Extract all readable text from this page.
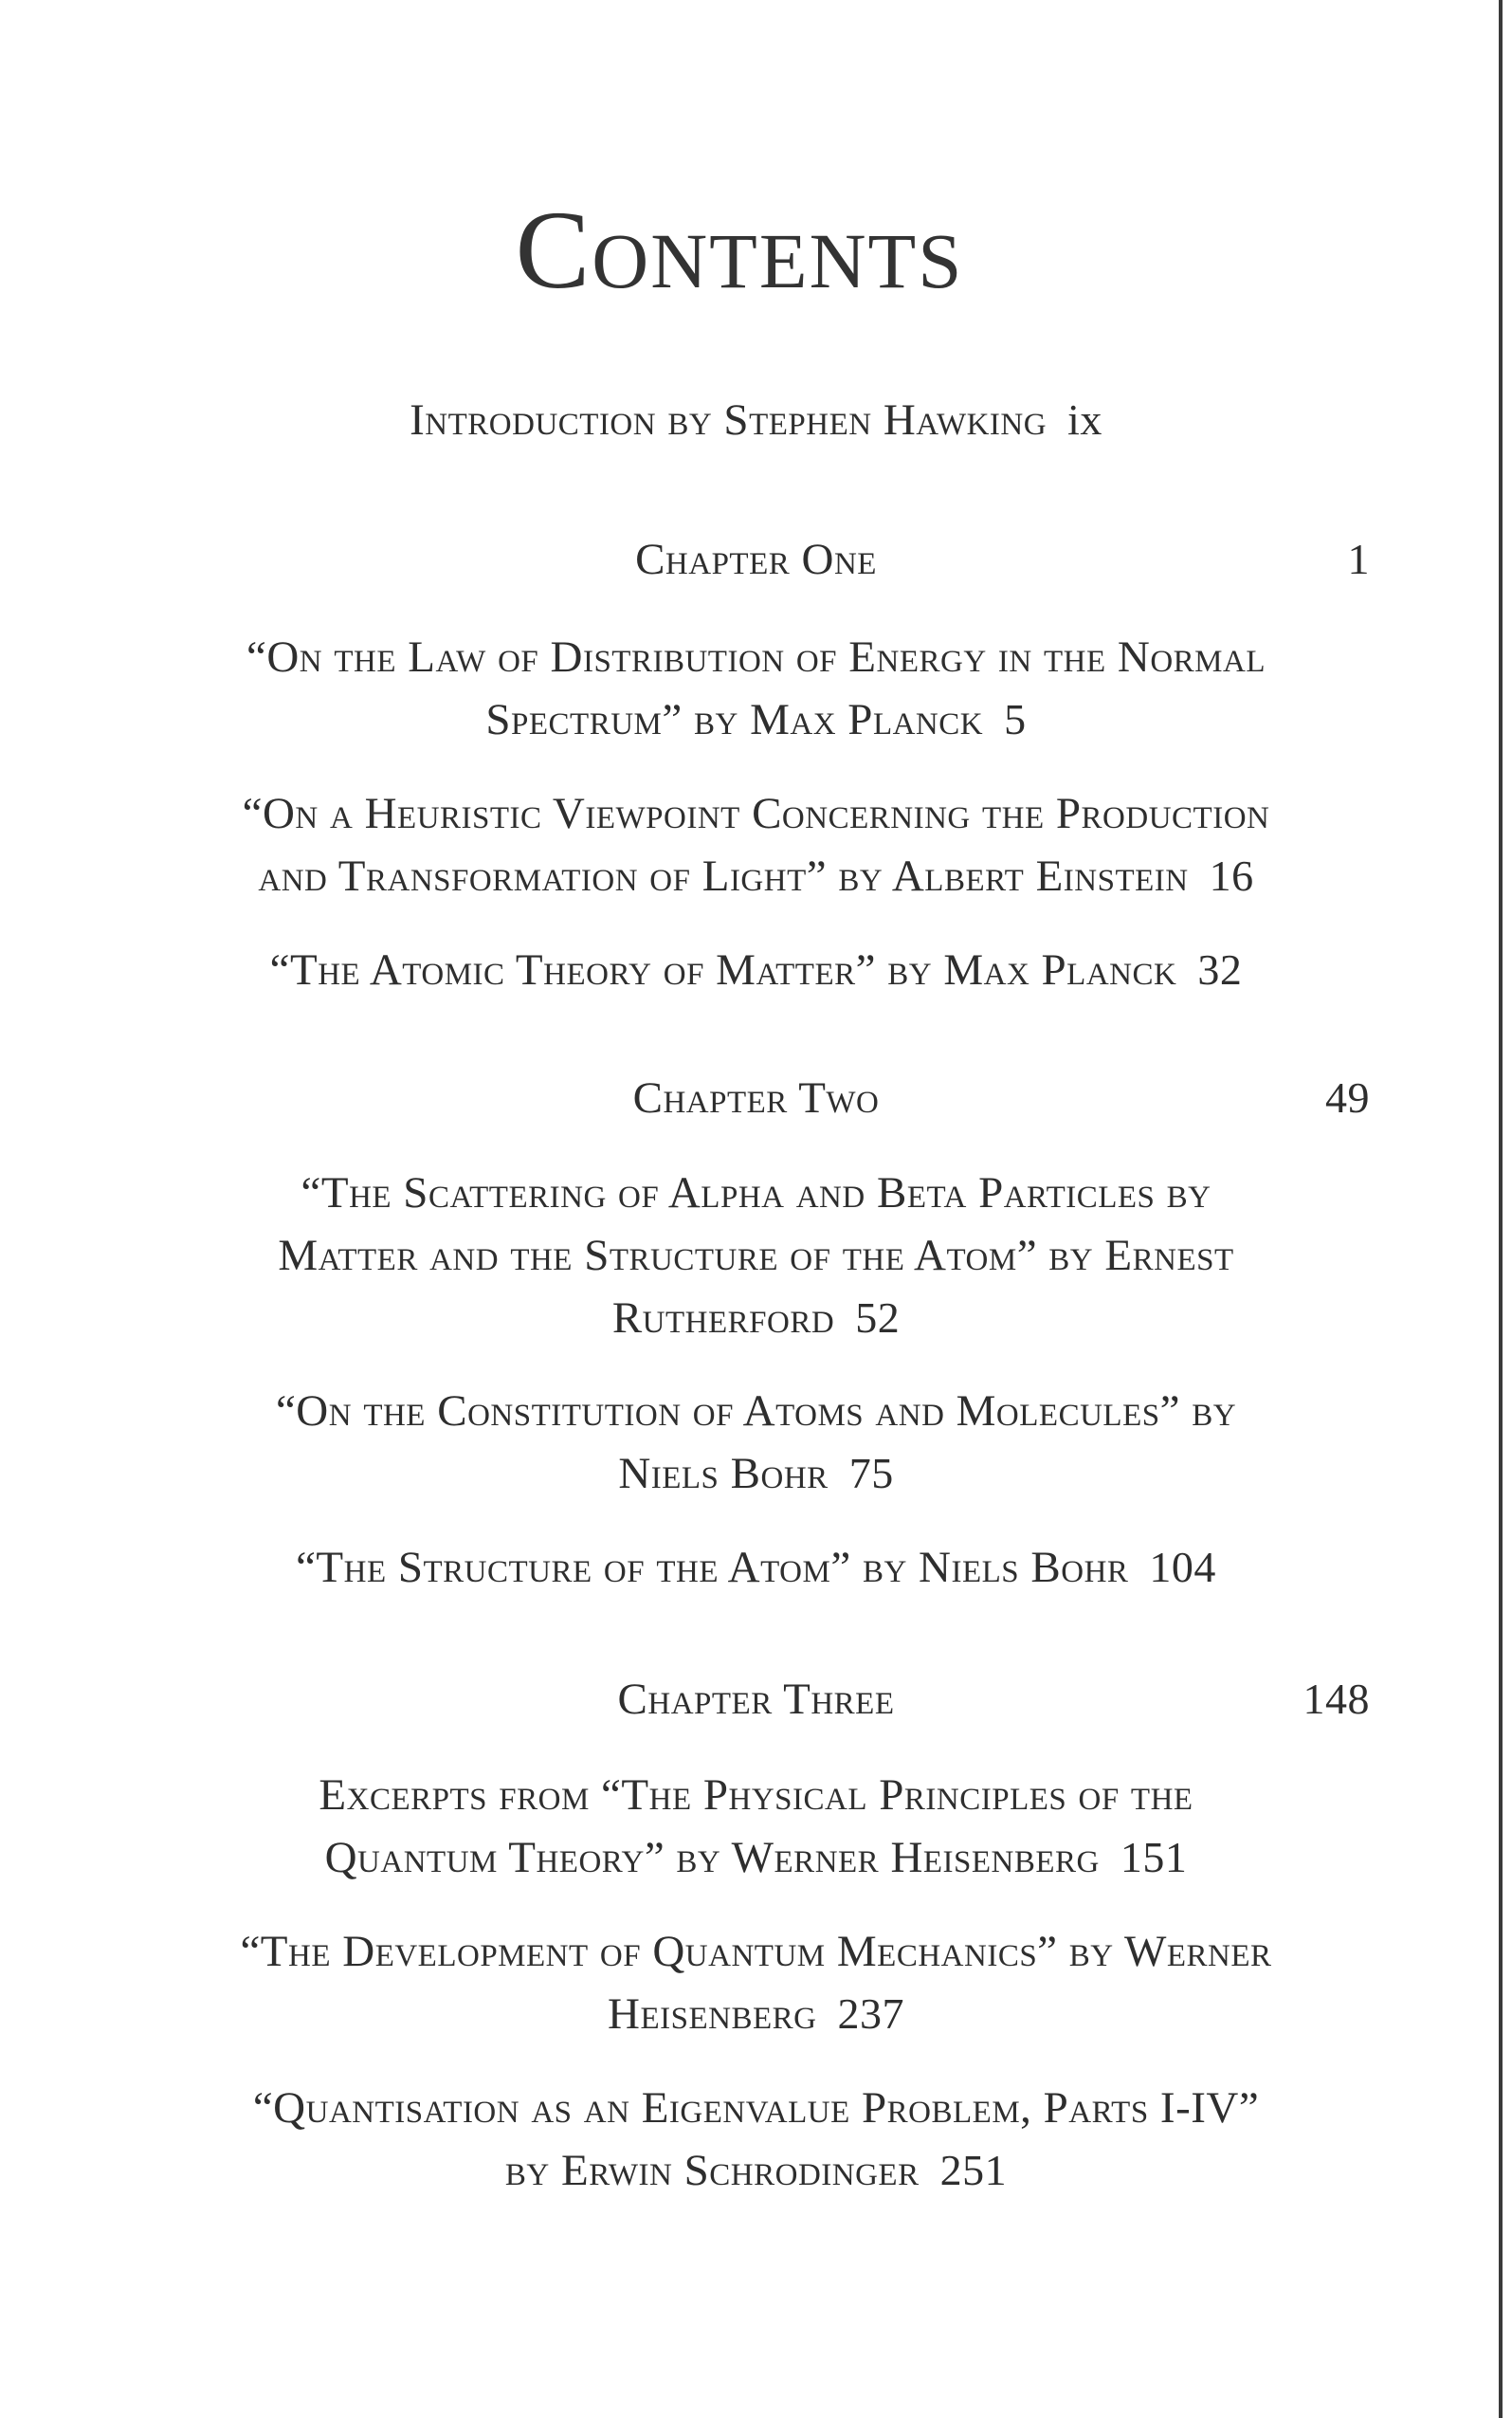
Contents
Introduction by Stephen Hawking ix
Chapter One	1
“On the Law of Distribution of Energy in the Normal
Spectrum” by Max Planck 5
“On a Heuristic Viewpoint Concerning the Production
and Transformation of Light” by Albert Einstein 16
“The Atomic Theory of Matter” by Max Planck 32
Chapter Two	49
“The Scattering of Alpha and Beta Particles by
Matter and the Structure of the Atom” by Ernest
Rutherford 52
“On the Constitution of Atoms and Molecules” by
Niels Bohr 75
“The Structure of the Atom” by Niels Bohr 104
Chapter Three	148
Excerpts from “The Physical Principles of the
Quantum Theory” by Werner Heisenberg 151
“The Development of Quantum Mechanics” by Werner
Heisenberg 237
“Quantisation as an Eigenvalue Problem, Parts I-IV”
by Erwin Schrodinger 251
